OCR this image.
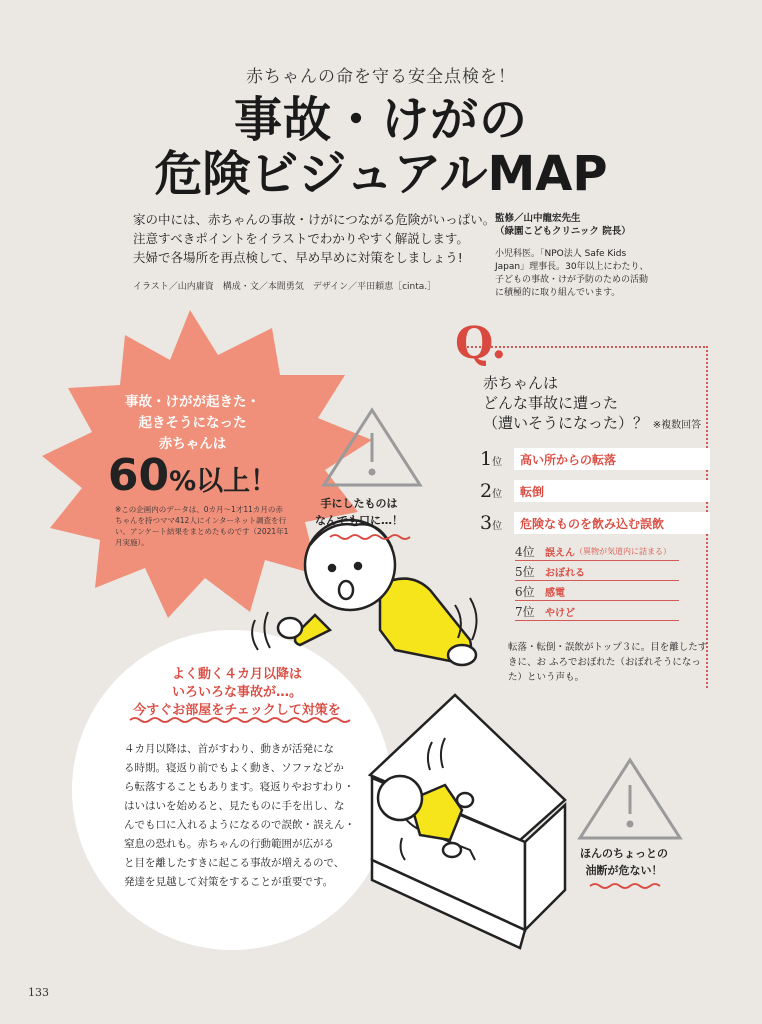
赤ちゃんの命を守る安全点検を！
事故・けがの
危険ビジュアルMAP
家の中には、赤ちゃんの事故・けがにつながる危険がいっぱい。
注意すべきポイントをイラストでわかりやすく解説します。
夫婦で各場所を再点検して、早め早めに対策をしましょう!
イラスト／山内庸資　構成・文／本間勇気　デザイン／平田頼恵［cinta.］
監修／山中龍宏先生
（緑園こどもクリニック 院長）
小児科医。「NPO法人 Safe Kids Japan」理事長。30年以上にわたり、子どもの事故・けが予防のための活動に積極的に取り組んでいます。
事故・けがが起きた・
起きそうになった
赤ちゃんは
60%以上！
※この企画内のデータは、0カ月〜1才11カ月の赤ちゃんを持つママ412人にインターネット調査を行い、アンケート結果をまとめたものです（2021年1月実施）。
Q.
赤ちゃんは
どんな事故に遭った
（遭いそうになった）？ ※複数回答
1位	高い所からの転落
2位	転倒
3位	危険なものを飲み込む誤飲
4位	誤えん （異物が気道内に詰まる）
5位	おぼれる
6位	感電
7位	やけど
転落・転倒・誤飲がトップ３に。目を離したすきに、お ふろでおぼれた（おぼれそうになった）という声も。
手にしたものは
なんでも口に…！
ほんのちょっとの
油断が危ない！
よく動く４カ月以降は
いろいろな事故が…。
今すぐお部屋をチェックして対策を
４カ月以降は、首がすわり、動きが活発にな
る時期。寝返り前でもよく動き、ソファなどか
ら転落することもあります。寝返りやおすわり・
はいはいを始めると、見たものに手を出し、な
んでも口に入れるようになるので誤飲・誤えん・
窒息の恐れも。赤ちゃんの行動範囲が広がる
と目を離したすきに起こる事故が増えるので、
発達を見越して対策をすることが重要です。
133
